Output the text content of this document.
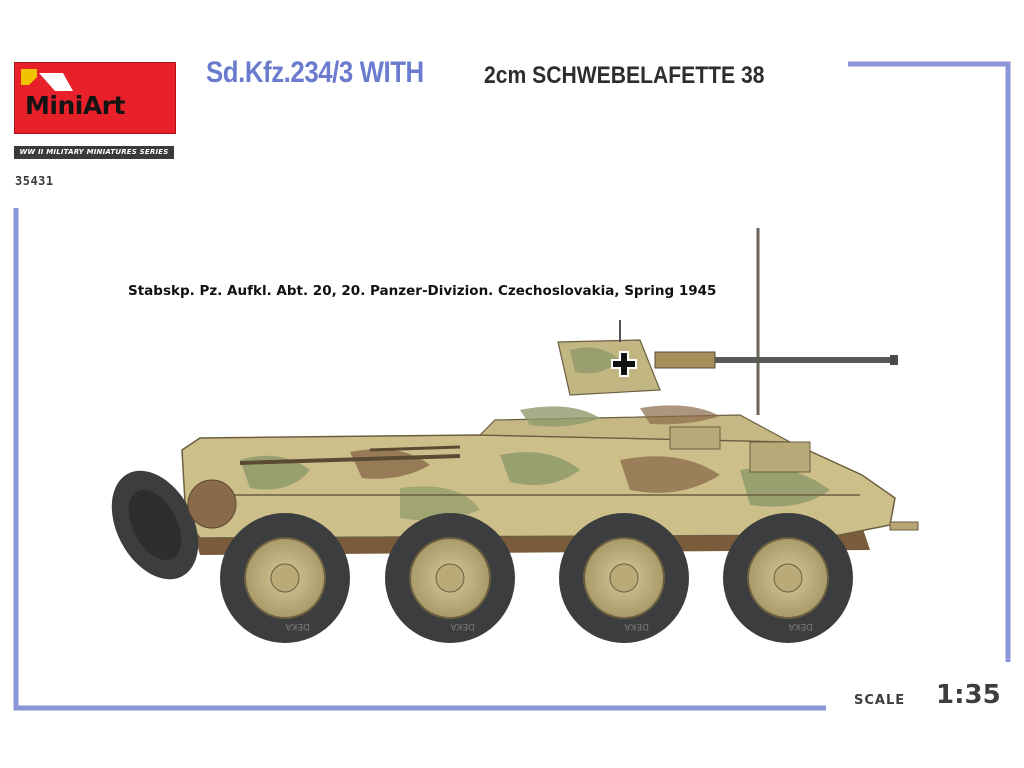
MiniArt
WW II MILITARY MINIATURES SERIES
35431
Sd.Kfz.234/3 WITH	2cm SCHWEBELAFETTE 38
Stabskp. Pz. Aufkl. Abt. 20, 20. Panzer-Divizion. Czechoslovakia, Spring 1945
DEKA	DEKA	DEKA	DEKA
SCALE 1:35
